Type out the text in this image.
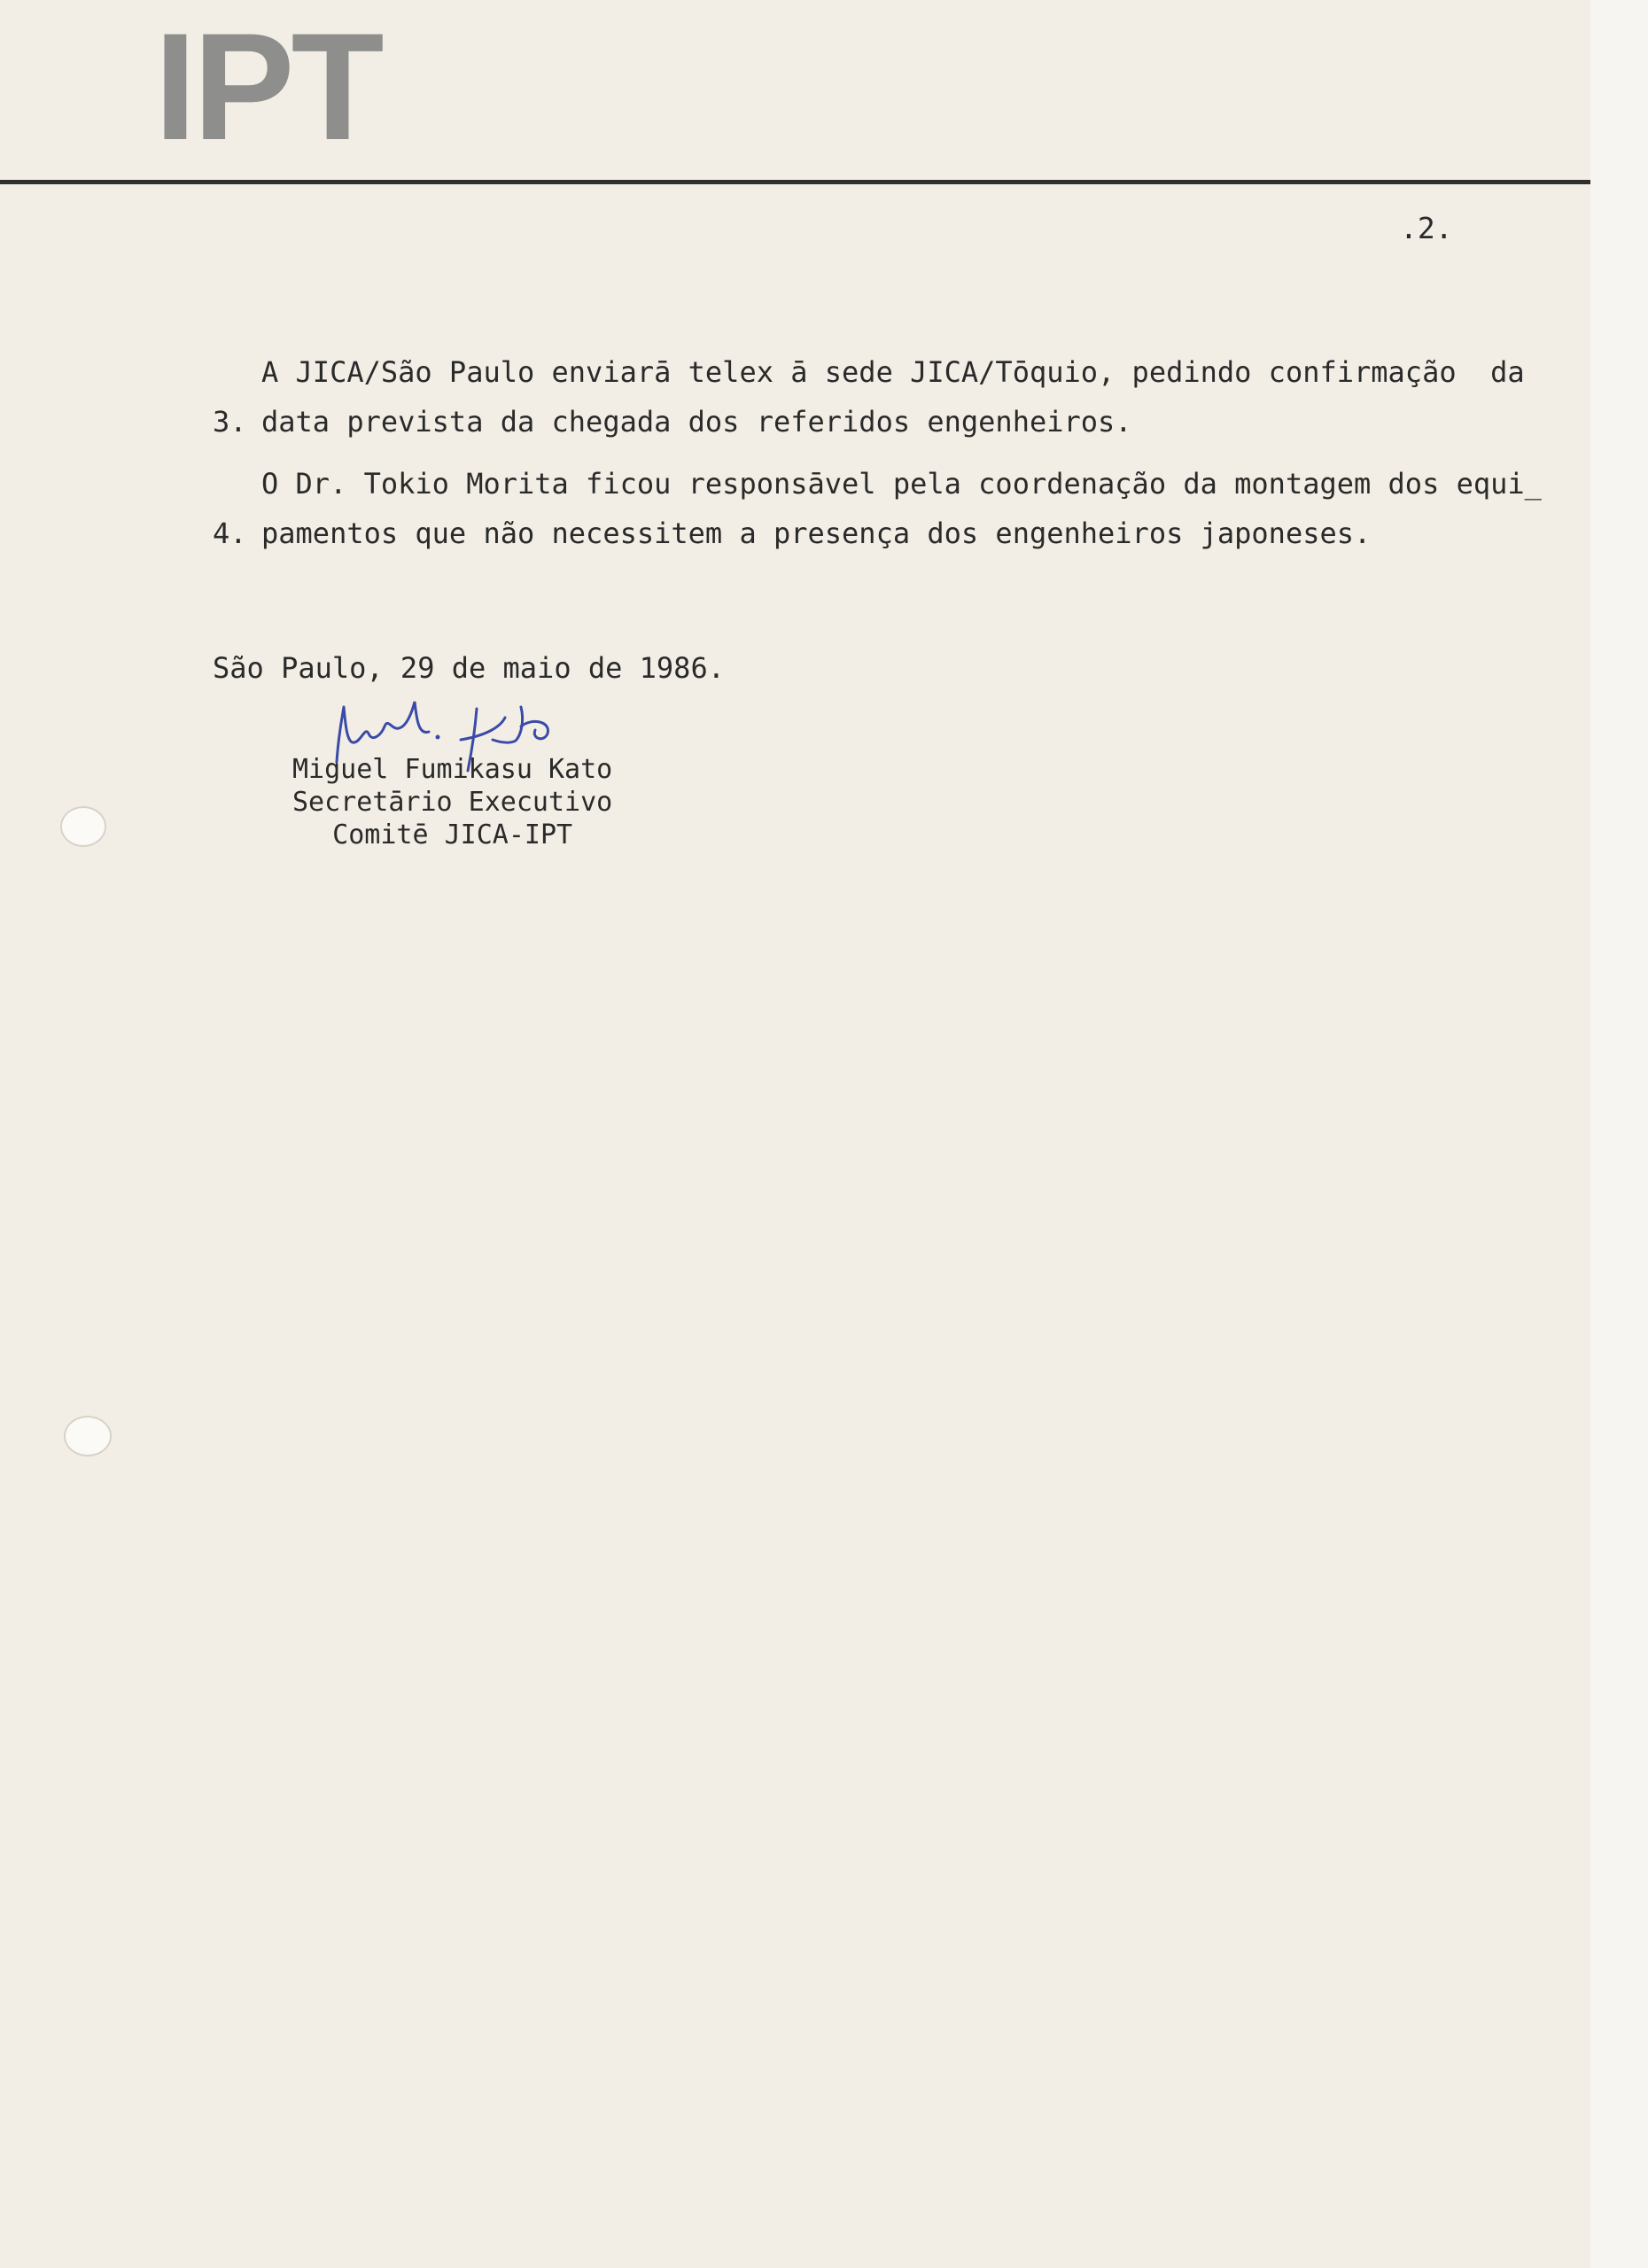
IPT
.2.

3.

A JICA/São Paulo enviarā telex ā sede JICA/Tōquio, pedindo confirmação  da

data prevista da chegada dos referidos engenheiros.

4.

O Dr. Tokio Morita ficou responsāvel pela coordenação da montagem dos equi_

pamentos que não necessitem a presença dos engenheiros japoneses.

São Paulo, 29 de maio de 1986.
Miguel Fumikasu Kato
Secretārio Executivo
Comitē JICA-IPT
